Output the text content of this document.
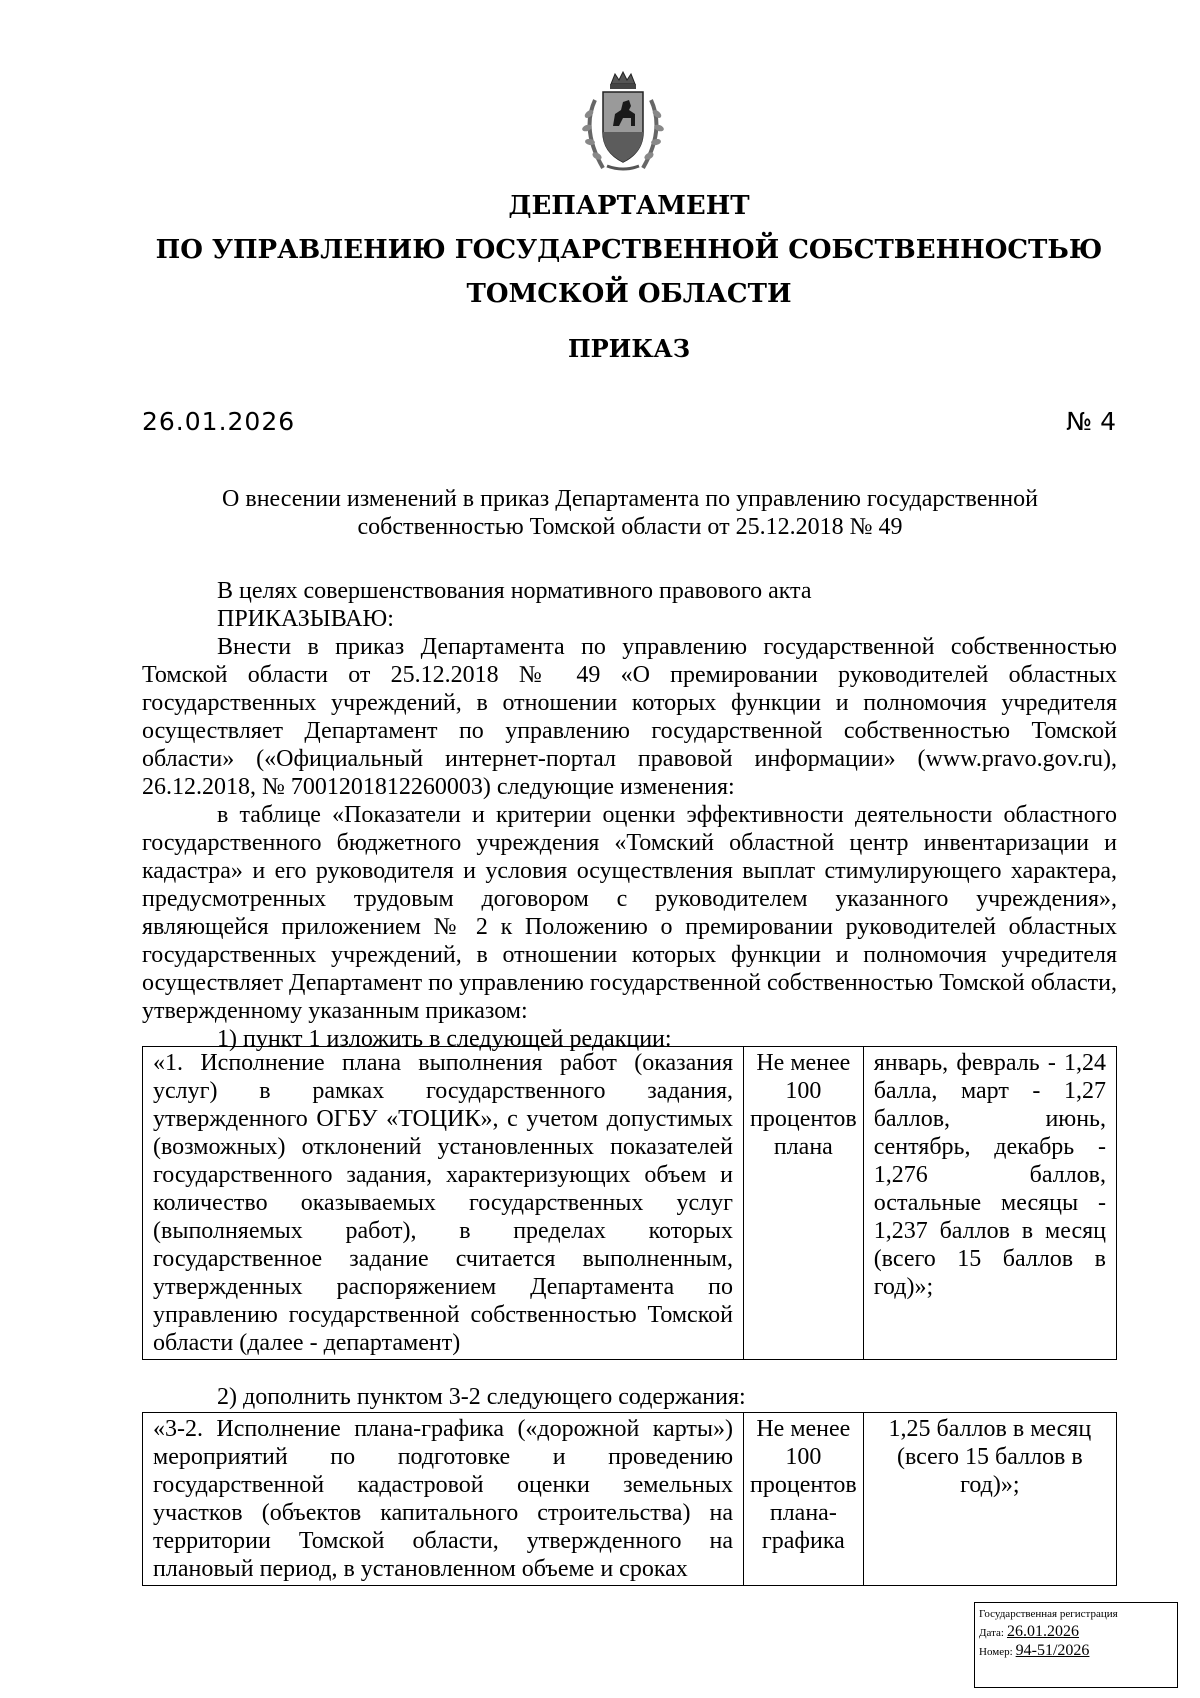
ДЕПАРТАМЕНТ
ПО УПРАВЛЕНИЮ ГОСУДАРСТВЕННОЙ СОБСТВЕННОСТЬЮ
ТОМСКОЙ ОБЛАСТИ
ПРИКАЗ
26.01.2026	№ 4
О внесении изменений в приказ Департамента по управлению государственной
собственностью Томской области от 25.12.2018 № 49
В целях совершенствования нормативного правового акта
ПРИКАЗЫВАЮ:
Внести в приказ Департамента по управлению государственной собственностью Томской области от 25.12.2018 № 49 «О премировании руководителей областных государственных учреждений, в отношении которых функции и полномочия учредителя осуществляет Департамент по управлению государственной собственностью Томской области» («Официальный интернет-портал правовой информации» (www.pravo.gov.ru), 26.12.2018, № 7001201812260003) следующие изменения:
в таблице «Показатели и критерии оценки эффективности деятельности областного государственного бюджетного учреждения «Томский областной центр инвентаризации и кадастра» и его руководителя и условия осуществления выплат стимулирующего характера, предусмотренных трудовым договором с руководителем указанного учреждения», являющейся приложением № 2 к Положению о премировании руководителей областных государственных учреждений, в отношении которых функции и полномочия учредителя осуществляет Департамент по управлению государственной собственностью Томской области, утвержденному указанным приказом:
1) пункт 1 изложить в следующей редакции:
«1. Исполнение плана выполнения работ (оказания услуг) в рамках государственного задания, утвержденного ОГБУ «ТОЦИК», с учетом допустимых (возможных) отклонений установленных показателей государственного задания, характеризующих объем и количество оказываемых государственных услуг (выполняемых работ), в пределах которых государственное задание считается выполненным, утвержденных распоряжением Департамента по управлению государственной собственностью Томской области (далее - департамент)	Не менее 100 процентов плана	январь, февраль - 1,24 балла, март - 1,27 баллов, июнь, сентябрь, декабрь - 1,276 баллов, остальные месяцы - 1,237 баллов в месяц (всего 15 баллов в год)»;
2) дополнить пунктом 3-2 следующего содержания:
«3-2. Исполнение плана-графика («дорожной карты») мероприятий по подготовке и проведению государственной кадастровой оценки земельных участков (объектов капитального строительства) на территории Томской области, утвержденного на плановый период, в установленном объеме и сроках	Не менее 100 процентов плана-графика	1,25 баллов в месяц (всего 15 баллов в год)»;
Государственная регистрация
Дата: 26.01.2026
Номер: 94-51/2026
